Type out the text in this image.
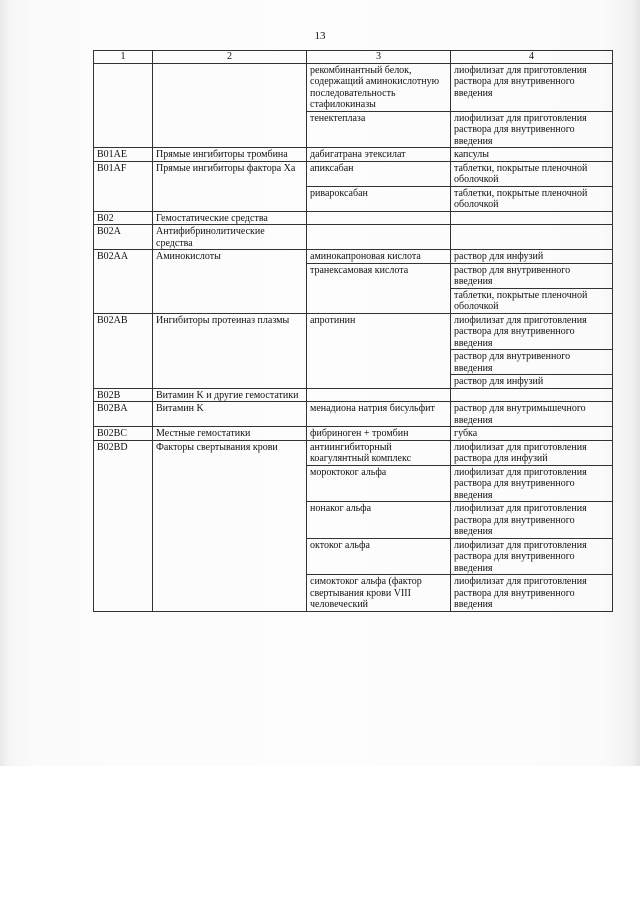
13
1	2	3	4
		рекомбинантный белок, содержащий аминокислотную последовательность стафилокиназы	лиофилизат для приготовления раствора для внутривенного введения
		тенектеплаза	лиофилизат для приготовления раствора для внутривенного введения
B01AE	Прямые ингибиторы тромбина	дабигатрана этексилат	капсулы
B01AF	Прямые ингибиторы фактора Xa	апиксабан	таблетки, покрытые пленочной оболочкой
		ривароксабан	таблетки, покрытые пленочной оболочкой
B02	Гемостатические средства		
B02A	Антифибринолитические средства		
B02AA	Аминокислоты	аминокапроновая кислота	раствор для инфузий
		транексамовая кислота	раствор для внутривенного введения
			таблетки, покрытые пленочной оболочкой
B02AB	Ингибиторы протеиназ плазмы	апротинин	лиофилизат для приготовления раствора для внутривенного введения
			раствор для внутривенного введения
			раствор для инфузий
B02B	Витамин K и другие гемостатики		
B02BA	Витамин K	менадиона натрия бисульфит	раствор для внутримышечного введения
B02BC	Местные гемостатики	фибриноген + тромбин	губка
B02BD	Факторы свертывания крови	антиингибиторный коагулянтный комплекс	лиофилизат для приготовления раствора для инфузий
		мороктоког альфа	лиофилизат для приготовления раствора для внутривенного введения
		нонаког альфа	лиофилизат для приготовления раствора для внутривенного введения
		октоког альфа	лиофилизат для приготовления раствора для внутривенного введения
		симоктоког альфа (фактор свертывания крови VIII человеческий	лиофилизат для приготовления раствора для внутривенного введения
